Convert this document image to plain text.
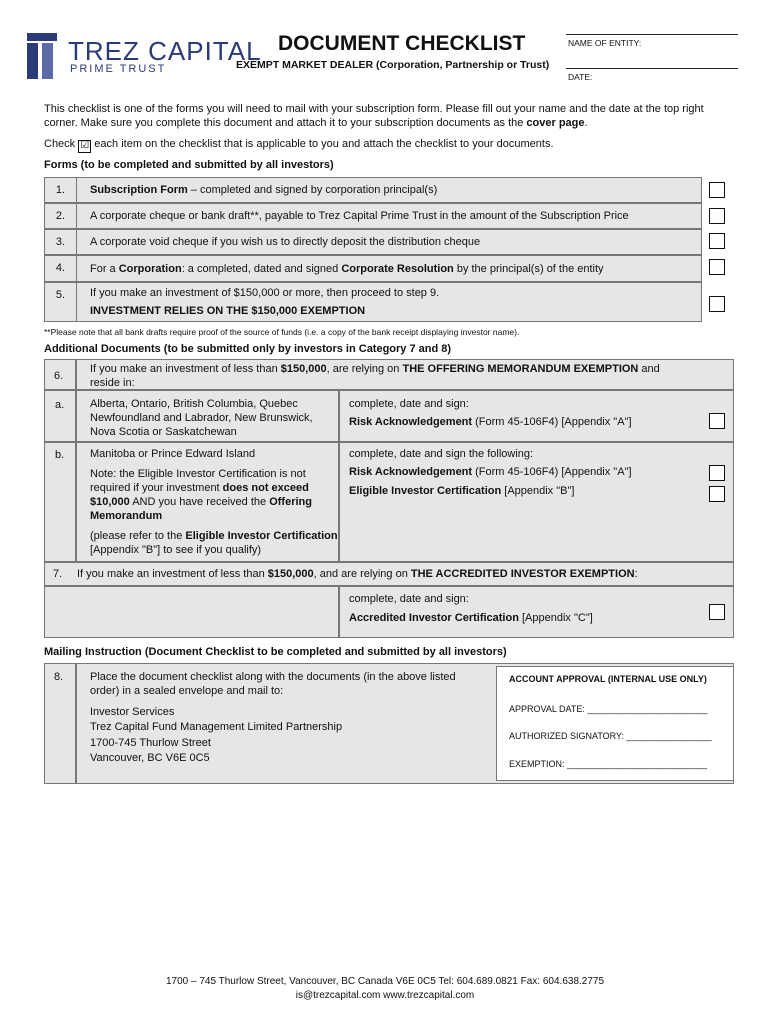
TREZ CAPITAL
PRIME TRUST
DOCUMENT CHECKLIST
EXEMPT MARKET DEALER (Corporation, Partnership or Trust)
NAME OF ENTITY:
DATE:
This checklist is one of the forms you will need to mail with your subscription form. Please fill out your name and the date at the top right corner. Make sure you complete this document and attach it to your subscription documents as the cover page.
Check ☑ each item on the checklist that is applicable to you and attach the checklist to your documents.
Forms (to be completed and submitted by all investors)
1.	Subscription Form – completed and signed by corporation principal(s)
2.	A corporate cheque or bank draft**, payable to Trez Capital Prime Trust in the amount of the Subscription Price
3.	A corporate void cheque if you wish us to directly deposit the distribution cheque
4.	For a Corporation: a completed, dated and signed Corporate Resolution by the principal(s) of the entity
5.	If you make an investment of $150,000 or more, then proceed to step 9.
INVESTMENT RELIES ON THE $150,000 EXEMPTION
**Please note that all bank drafts require proof of the source of funds (i.e. a copy of the bank receipt displaying investor name).
Additional Documents (to be submitted only by investors in Category 7 and 8)
6.
If you make an investment of less than $150,000, are relying on THE OFFERING MEMORANDUM EXEMPTION and
reside in:
a. Alberta, Ontario, British Columbia, Quebec Newfoundland and Labrador, New Brunswick, Nova Scotia or Saskatchewan
complete, date and sign:
Risk Acknowledgement (Form 45-106F4) [Appendix "A"]
b. Manitoba or Prince Edward Island
Note: the Eligible Investor Certification is not required if your investment does not exceed $10,000 AND you have received the Offering Memorandum
(please refer to the Eligible Investor Certification [Appendix "B"] to see if you qualify)
complete, date and sign the following:
Risk Acknowledgement (Form 45-106F4) [Appendix "A"]
Eligible Investor Certification [Appendix "B"]
7. If you make an investment of less than $150,000, and are relying on THE ACCREDITED INVESTOR EXEMPTION:
complete, date and sign:
Accredited Investor Certification [Appendix "C"]
Mailing Instruction (Document Checklist to be completed and submitted by all investors)
8. Place the document checklist along with the documents (in the above listed order) in a sealed envelope and mail to:
Investor Services
Trez Capital Fund Management Limited Partnership
1700-745 Thurlow Street
Vancouver, BC V6E 0C5
ACCOUNT APPROVAL (INTERNAL USE ONLY)
APPROVAL DATE: ________________________
AUTHORIZED SIGNATORY: _________________
EXEMPTION: ____________________________
1700 – 745 Thurlow Street, Vancouver, BC Canada V6E 0C5 Tel: 604.689.0821 Fax: 604.638.2775
is@trezcapital.com www.trezcapital.com
